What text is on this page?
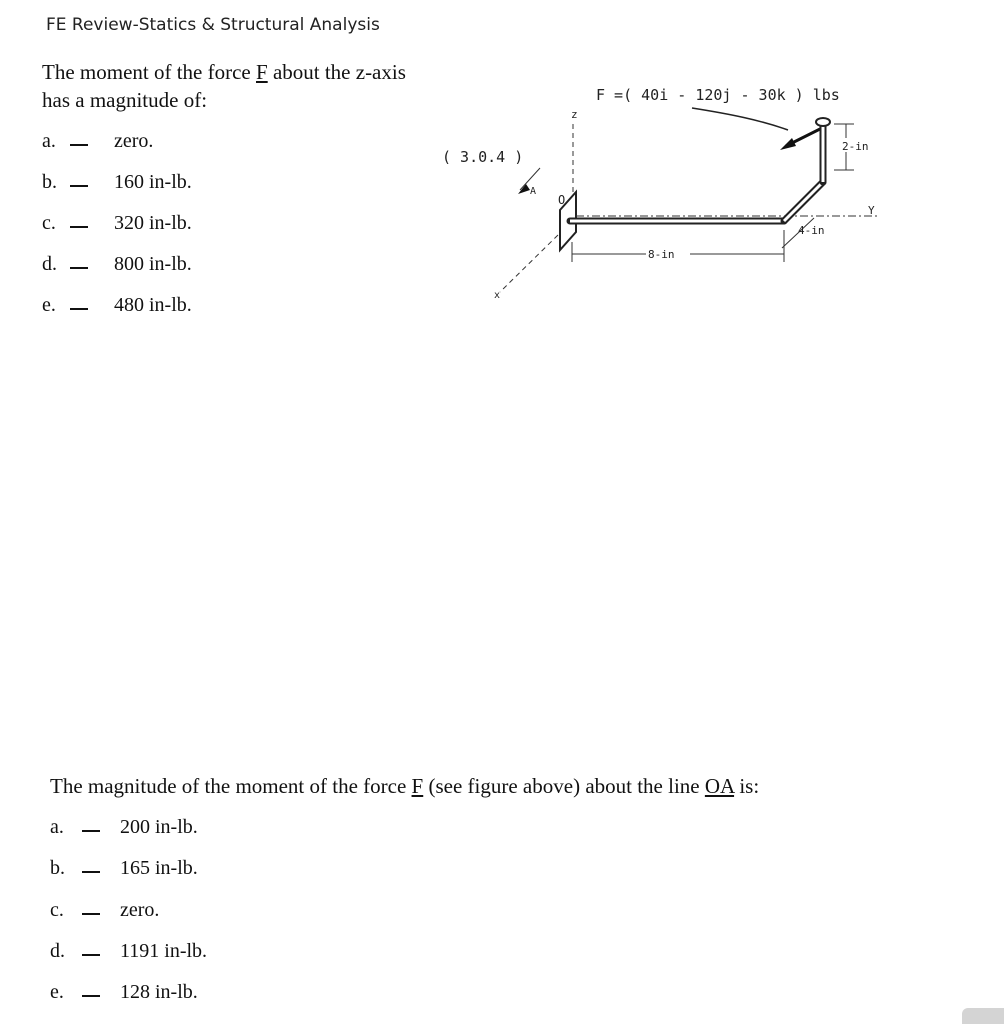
FE Review-Statics & Structural Analysis
The moment of the force F about the z-axis has a magnitude of:
a.	zero.
b.	160 in-lb.
c.	320 in-lb.
d.	800 in-lb.
e.	480 in-lb.
F =( 40i - 120j - 30k ) lbs
z
( 3.0.4 )
A
x
O
Y
8-in
4-in
2-in
The magnitude of the moment of the force F (see figure above) about the line OA is:
a.	200 in-lb.
b.	165 in-lb.
c.	zero.
d.	1191 in-lb.
e.	128 in-lb.
